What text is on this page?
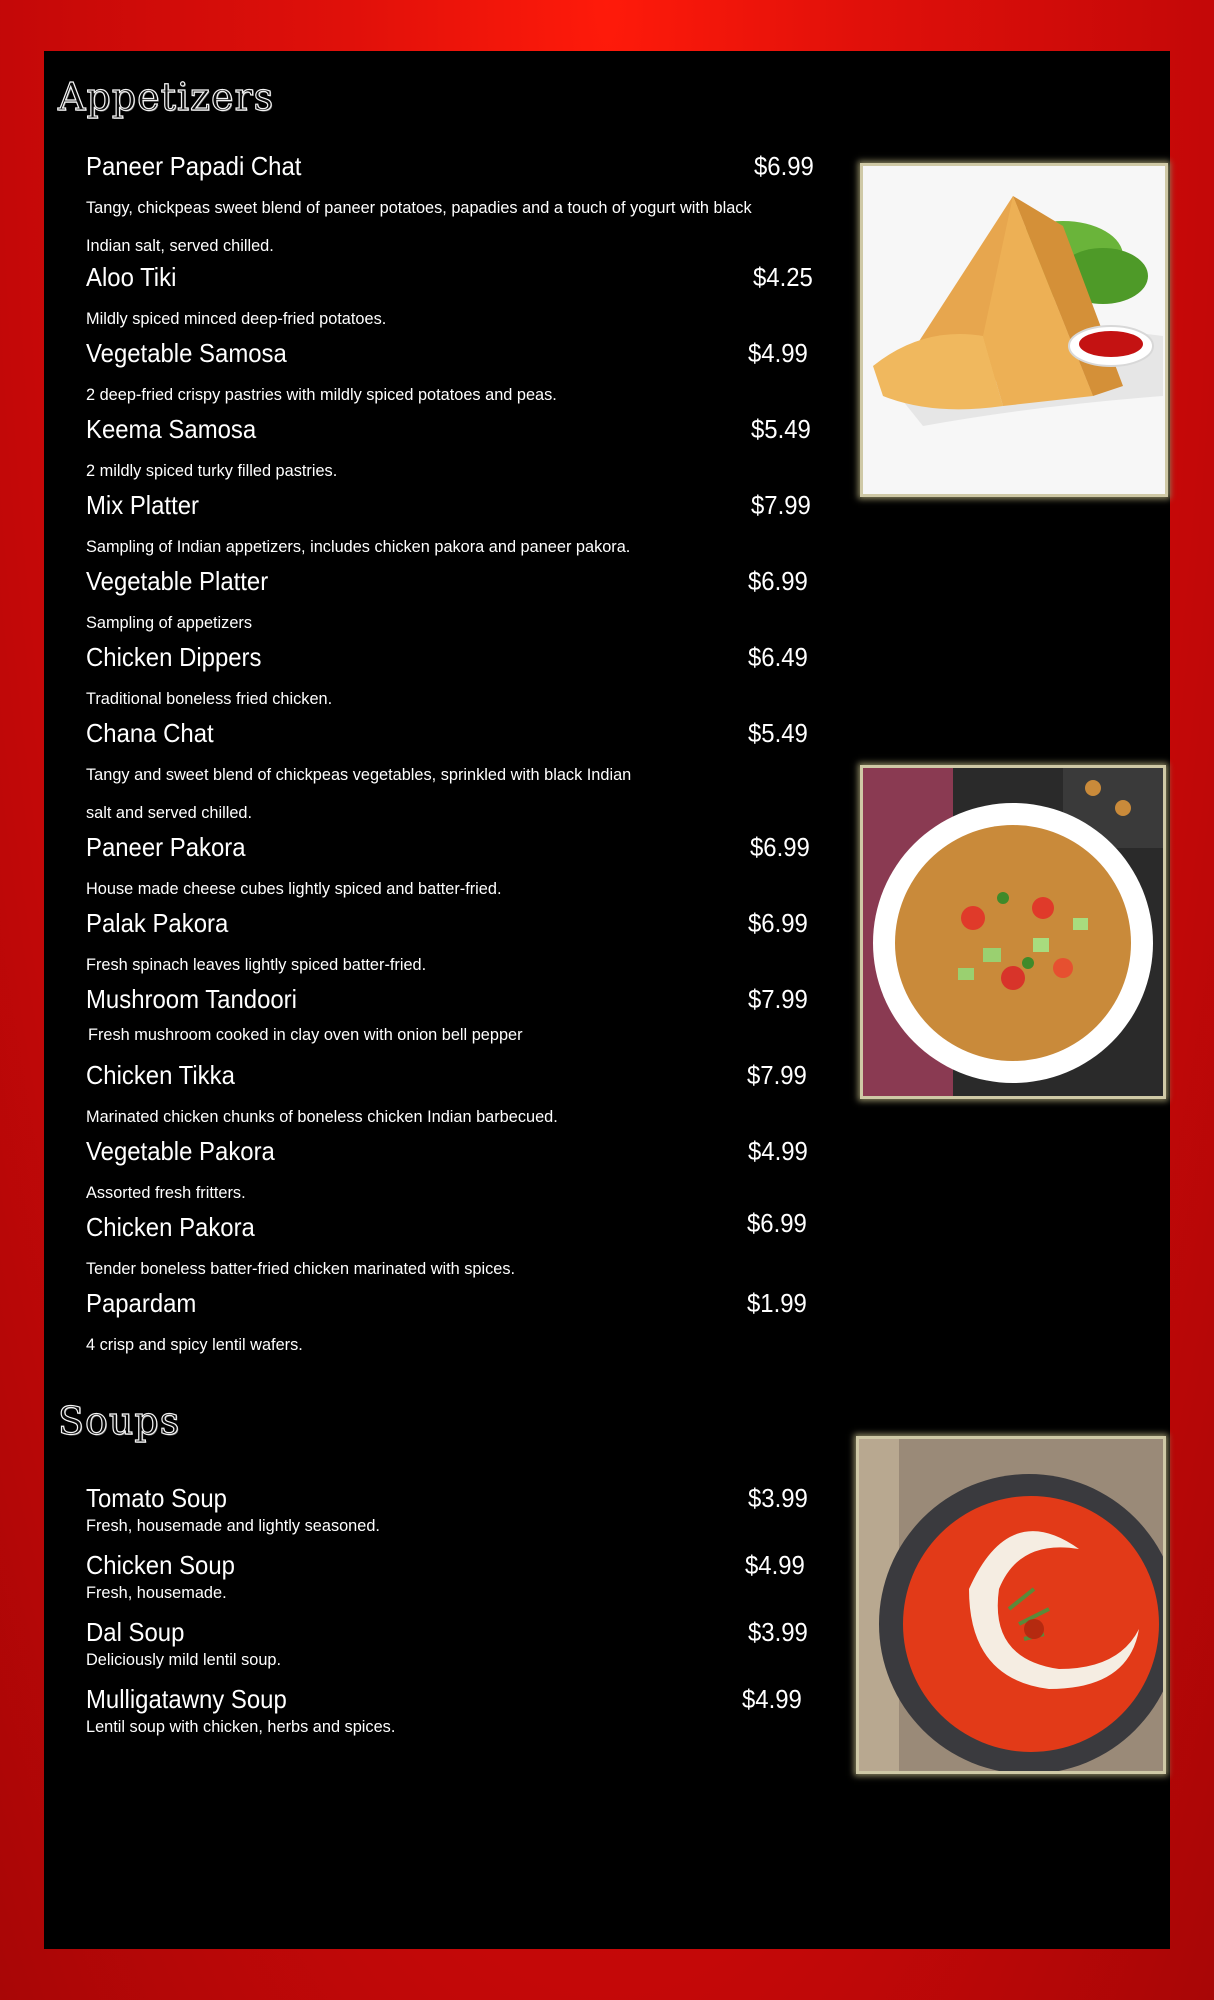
Appetizers
Paneer Papadi Chat	$6.99
Tangy, chickpeas sweet blend of paneer potatoes, papadies and a touch of yogurt with black Indian salt, served chilled.
Aloo Tiki	$4.25
Mildly spiced minced deep-fried potatoes.
Vegetable Samosa	$4.99
2 deep-fried crispy pastries with mildly spiced potatoes and peas.
Keema Samosa	$5.49
2 mildly spiced turky filled pastries.
Mix Platter	$7.99
Sampling of Indian appetizers, includes chicken pakora and paneer pakora.
Vegetable Platter	$6.99
Sampling of appetizers
Chicken Dippers	$6.49
Traditional boneless fried chicken.
Chana Chat	$5.49
Tangy and sweet blend of chickpeas vegetables, sprinkled with black Indian salt and served chilled.
Paneer Pakora	$6.99
House made cheese cubes lightly spiced and batter-fried.
Palak Pakora	$6.99
Fresh spinach leaves lightly spiced batter-fried.
Mushroom Tandoori	$7.99
Fresh mushroom cooked in clay oven with onion bell pepper
Chicken Tikka	$7.99
Marinated chicken chunks of boneless chicken Indian barbecued.
Vegetable Pakora	$4.99
Assorted fresh fritters.
Chicken Pakora	$6.99
Tender boneless batter-fried chicken marinated with spices.
Papardam	$1.99
4 crisp and spicy lentil wafers.
Soups
Tomato Soup	$3.99
Fresh, housemade and lightly seasoned.
Chicken Soup	$4.99
Fresh, housemade.
Dal Soup	$3.99
Deliciously mild lentil soup.
Mulligatawny Soup	$4.99
Lentil soup with chicken, herbs and spices.
